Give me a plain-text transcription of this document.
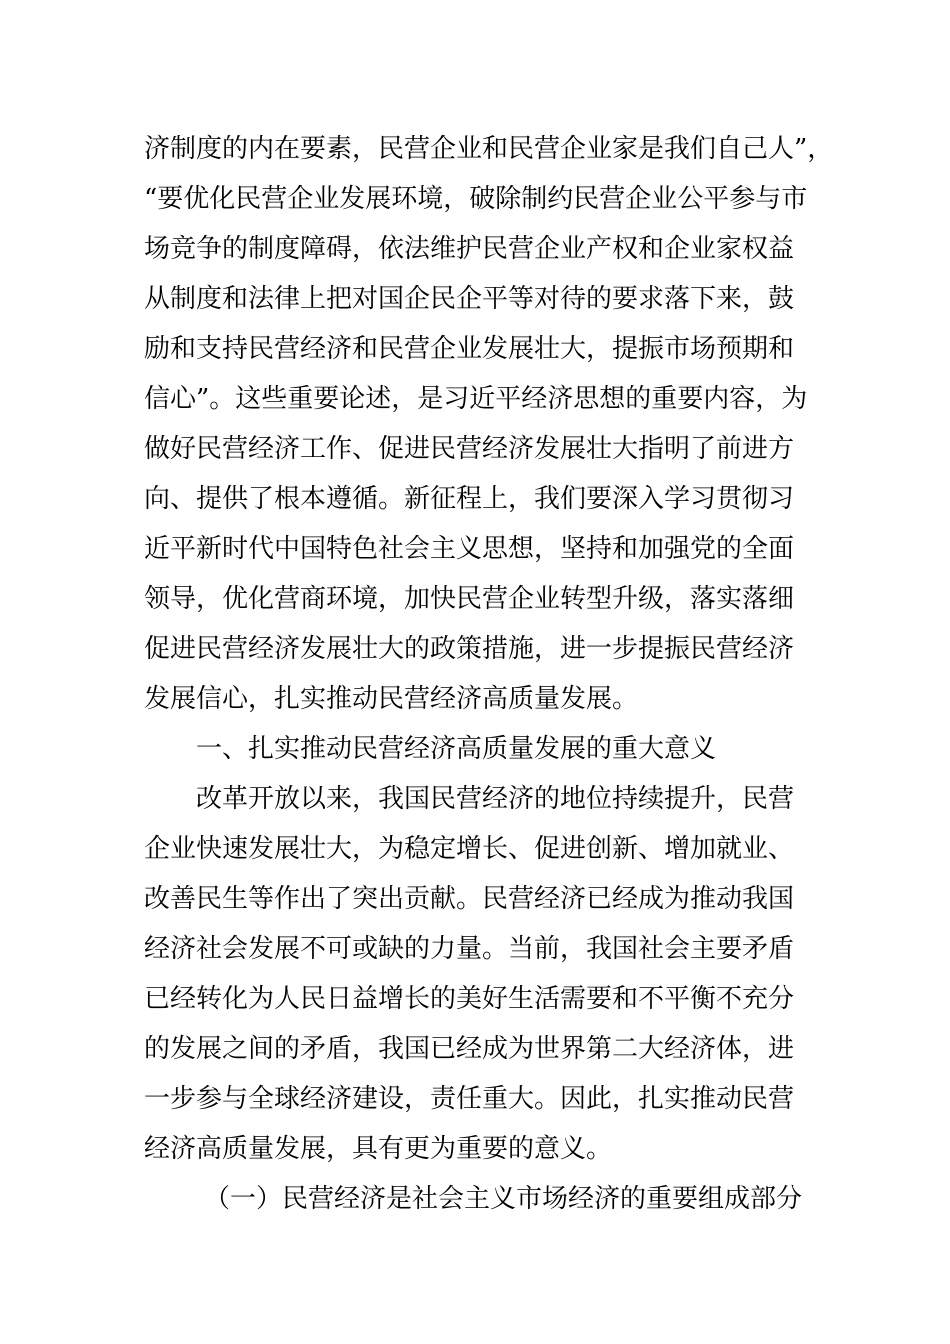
济制度的内在要素，民营企业和民营企业家是我们自己人”，
“要优化民营企业发展环境，破除制约民营企业公平参与市
场竞争的制度障碍，依法维护民营企业产权和企业家权益
从制度和法律上把对国企民企平等对待的要求落下来，鼓
励和支持民营经济和民营企业发展壮大，提振市场预期和
信心”。这些重要论述，是习近平经济思想的重要内容，为
做好民营经济工作、促进民营经济发展壮大指明了前进方
向、提供了根本遵循。新征程上，我们要深入学习贯彻习
近平新时代中国特色社会主义思想，坚持和加强党的全面
领导，优化营商环境，加快民营企业转型升级，落实落细
促进民营经济发展壮大的政策措施，进一步提振民营经济
发展信心，扎实推动民营经济高质量发展。
一、扎实推动民营经济高质量发展的重大意义
改革开放以来，我国民营经济的地位持续提升，民营
企业快速发展壮大，为稳定增长、促进创新、增加就业、
改善民生等作出了突出贡献。民营经济已经成为推动我国
经济社会发展不可或缺的力量。当前，我国社会主要矛盾
已经转化为人民日益增长的美好生活需要和不平衡不充分
的发展之间的矛盾，我国已经成为世界第二大经济体，进
一步参与全球经济建设，责任重大。因此，扎实推动民营
经济高质量发展，具有更为重要的意义。
（一）民营经济是社会主义市场经济的重要组成部分
